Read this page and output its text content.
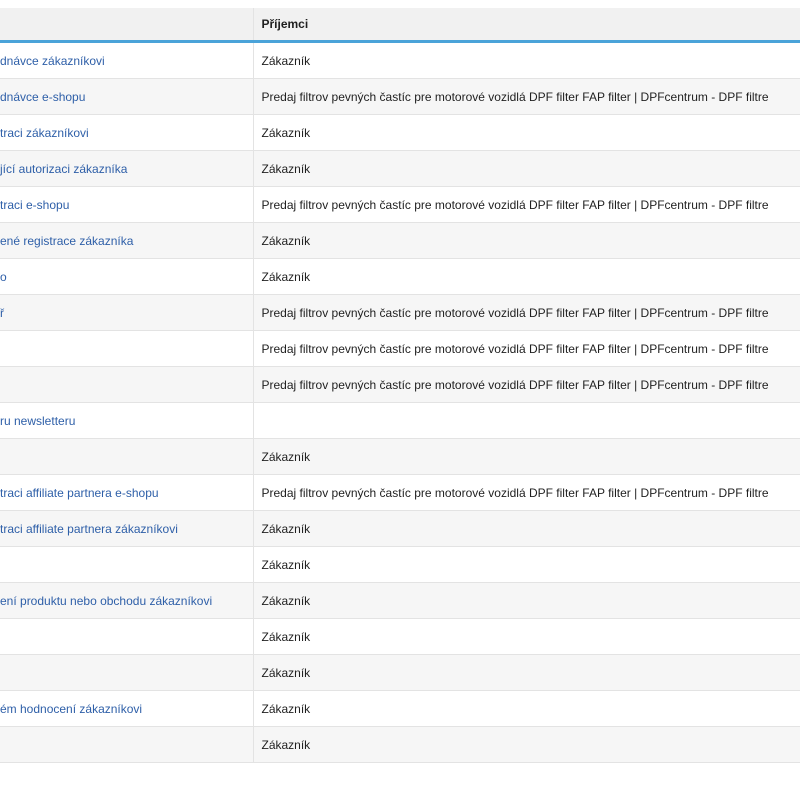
	Příjemci
dnávce zákazníkovi	Zákazník
dnávce e-shopu	Predaj filtrov pevných častíc pre motorové vozidlá DPF filter FAP filter | DPFcentrum - DPF filtre
traci zákazníkovi	Zákazník
jící autorizaci zákazníka	Zákazník
traci e-shopu	Predaj filtrov pevných častíc pre motorové vozidlá DPF filter FAP filter | DPFcentrum - DPF filtre
ené registrace zákazníka	Zákazník
o	Zákazník
ř	Predaj filtrov pevných častíc pre motorové vozidlá DPF filter FAP filter | DPFcentrum - DPF filtre
	Predaj filtrov pevných častíc pre motorové vozidlá DPF filter FAP filter | DPFcentrum - DPF filtre
	Predaj filtrov pevných častíc pre motorové vozidlá DPF filter FAP filter | DPFcentrum - DPF filtre
ru newsletteru	
	Zákazník
traci affiliate partnera e-shopu	Predaj filtrov pevných častíc pre motorové vozidlá DPF filter FAP filter | DPFcentrum - DPF filtre
traci affiliate partnera zákazníkovi	Zákazník
	Zákazník
ení produktu nebo obchodu zákazníkovi	Zákazník
	Zákazník
	Zákazník
ém hodnocení zákazníkovi	Zákazník
	Zákazník
